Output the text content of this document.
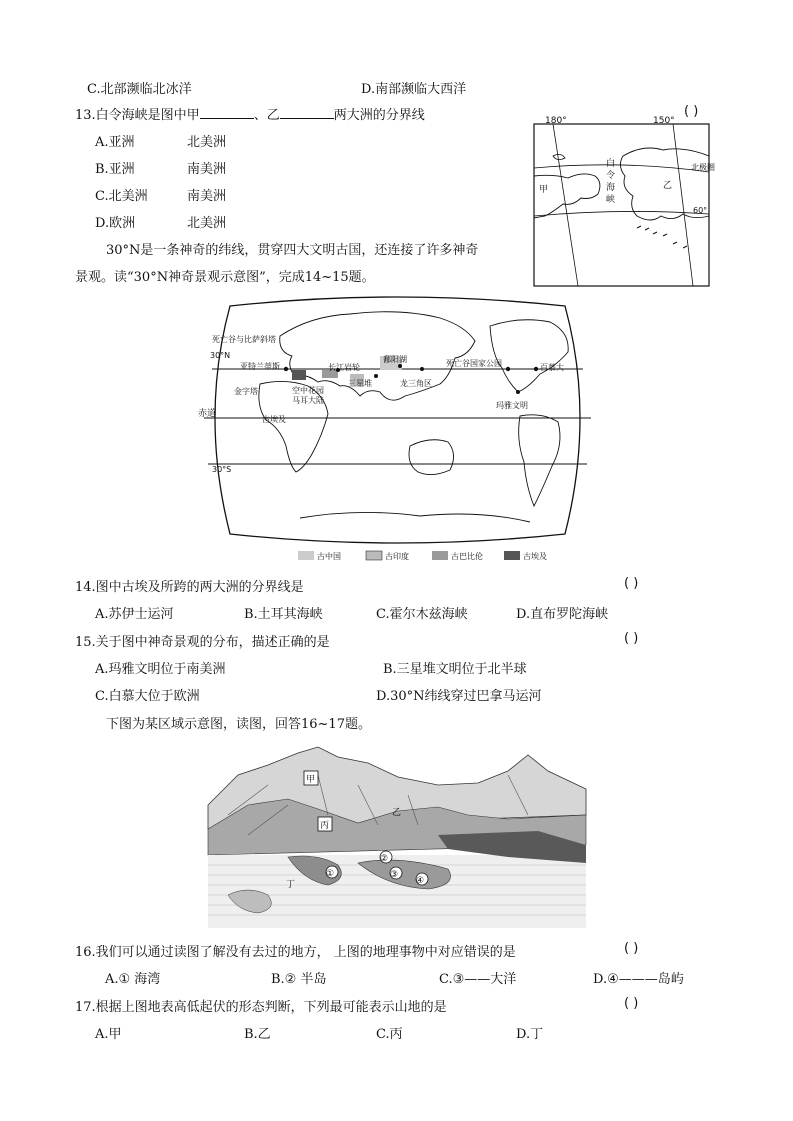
C.北部濒临北冰洋	D.南部濒临大西洋
13.白令海峡是图中甲	、乙	两大洲的分界线	( )
A.亚洲	北美洲
B.亚洲	南美洲
C.北美洲	南美洲
D.欧洲	北美洲
180°	150°
白
令
海
峡
甲	乙
北极圈
60°
30°N是一条神奇的纬线，贯穿四大文明古国，还连接了许多神奇
景观。读“30°N神奇景观示意图”，完成14~15题。
死亡谷与比萨斜塔
30°N
亚特兰蒂斯
金字塔	空中花园
马耳大陆
古埃及
长江岩轮
鄱阳湖
三星堆	龙三角区
死亡谷国家公园	百慕大
玛雅文明
赤道
30°S
古中国	古印度	古巴比伦	古埃及
14.图中古埃及所跨的两大洲的分界线是	( )
A.苏伊士运河	B.土耳其海峡	C.霍尔木兹海峡	D.直布罗陀海峡
15.关于图中神奇景观的分布，描述正确的是	( )
A.玛雅文明位于南美洲	B.三星堆文明位于北半球
C.白慕大位于欧洲	D.30°N纬线穿过巴拿马运河
下图为某区域示意图，读图，回答16~17题。
甲
乙
丙
丁
①
②
③
④
16.我们可以通过读图了解没有去过的地方， 上图的地理事物中对应错误的是	( )
A.① 海湾	B.② 半岛	C.③——大洋	D.④———岛屿
17.根据上图地表高低起伏的形态判断，下列最可能表示山地的是	( )
A.甲	B.乙	C.丙	D.丁
